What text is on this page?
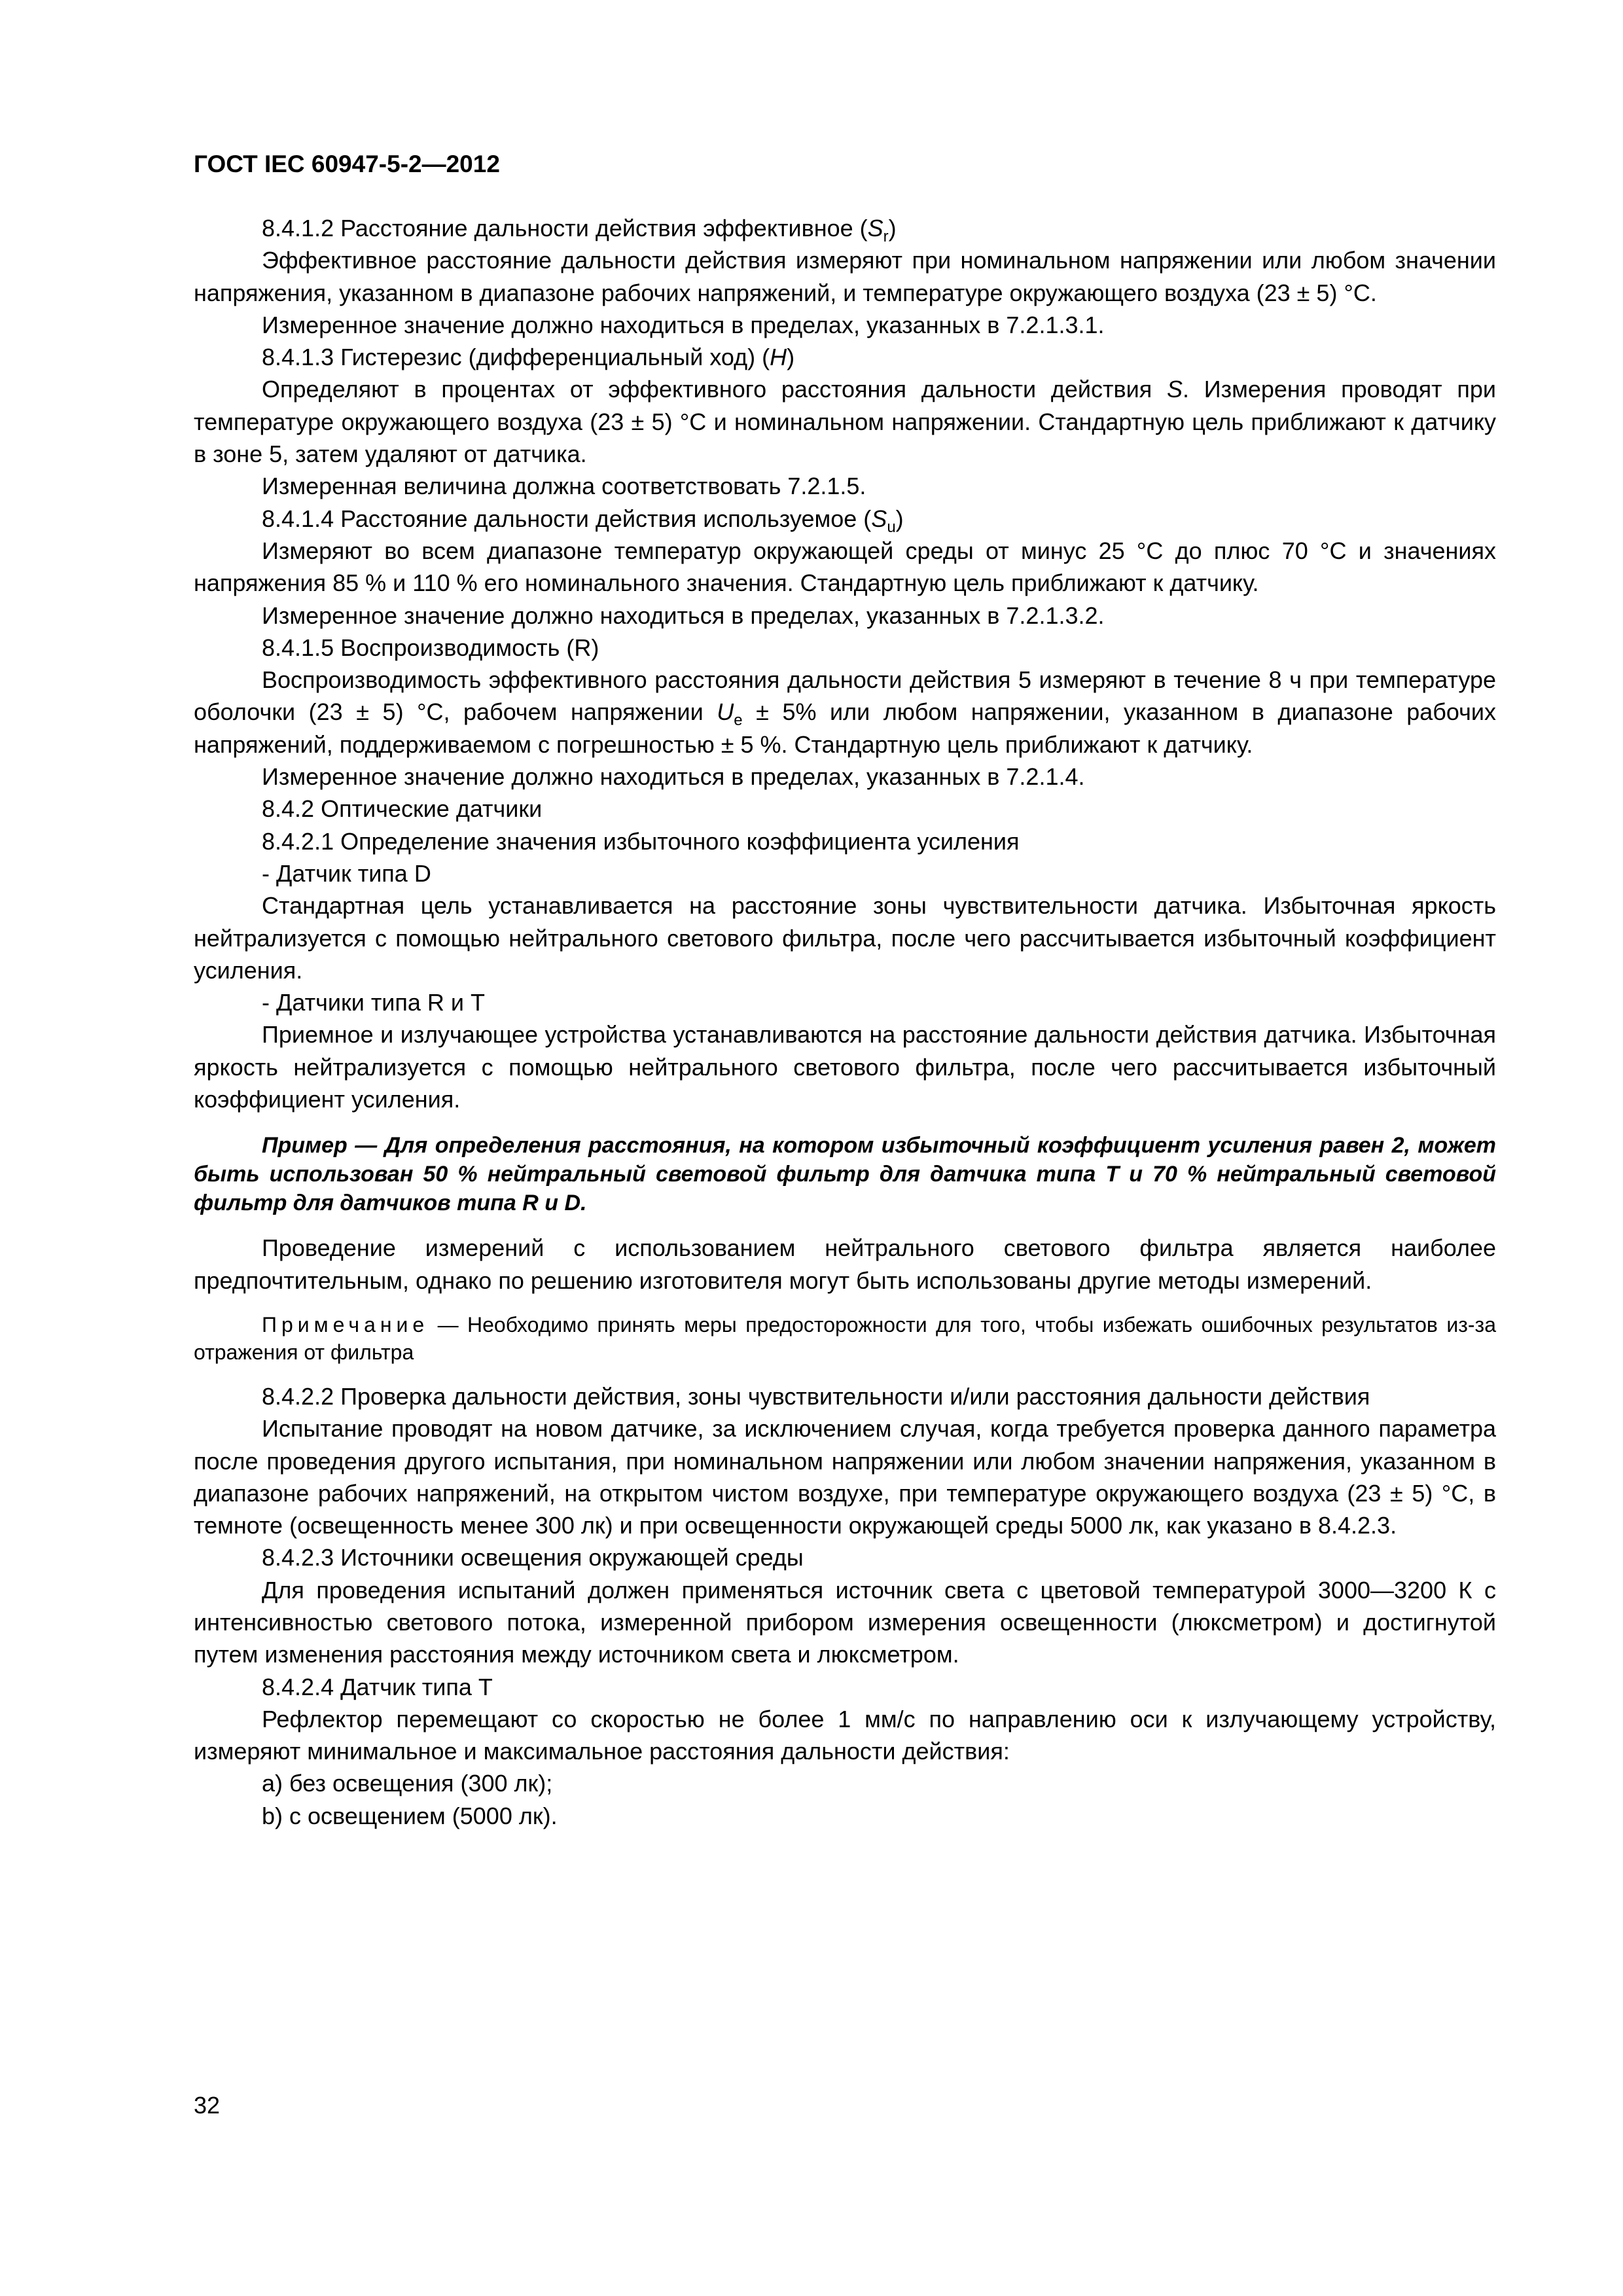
ГОСТ IEC 60947-5-2—2012

8.4.1.2 Расстояние дальности действия эффективное $(S_r)$

Эффективное расстояние дальности действия измеряют при номинальном напряжении или любом значении напряжения, указанном в диапазоне рабочих напряжений, и температуре окружающего воздуха (23 ± 5) °С.

Измеренное значение должно находиться в пределах, указанных в 7.2.1.3.1.

8.4.1.3 Гистерезис (дифференциальный ход) (H)

Определяют в процентах от эффективного расстояния дальности действия S. Измерения проводят при температуре окружающего воздуха (23 ± 5) °С и номинальном напряжении. Стандартную цель приближают к датчику в зоне 5, затем удаляют от датчика.

Измеренная величина должна соответствовать 7.2.1.5.

8.4.1.4 Расстояние дальности действия используемое $(S_u)$

Измеряют во всем диапазоне температур окружающей среды от минус 25 °С до плюс 70 °С и значениях напряжения 85 % и 110 % его номинального значения. Стандартную цель приближают к датчику.

Измеренное значение должно находиться в пределах, указанных в 7.2.1.3.2.

8.4.1.5 Воспроизводимость (R)

Воспроизводимость эффективного расстояния дальности действия 5 измеряют в течение 8 ч при температуре оболочки (23 ± 5) °С, рабочем напряжении $U_e \pm 5\%$ или любом напряжении, указанном в диапазоне рабочих напряжений, поддерживаемом с погрешностью ± 5 %. Стандартную цель приближают к датчику.

Измеренное значение должно находиться в пределах, указанных в 7.2.1.4.

8.4.2 Оптические датчики

8.4.2.1 Определение значения избыточного коэффициента усиления

- Датчик типа D

Стандартная цель устанавливается на расстояние зоны чувствительности датчика. Избыточная яркость нейтрализуется с помощью нейтрального светового фильтра, после чего рассчитывается избыточный коэффициент усиления.

- Датчики типа R и T

Приемное и излучающее устройства устанавливаются на расстояние дальности действия датчика. Избыточная яркость нейтрализуется с помощью нейтрального светового фильтра, после чего рассчитывается избыточный коэффициент усиления.

Пример — Для определения расстояния, на котором избыточный коэффициент усиления равен 2, может быть использован 50 % нейтральный световой фильтр для датчика типа T и 70 % нейтральный световой фильтр для датчиков типа R и D.

Проведение измерений с использованием нейтрального светового фильтра является наиболее предпочтительным, однако по решению изготовителя могут быть использованы другие методы измерений.

Примечание — Необходимо принять меры предосторожности для того, чтобы избежать ошибочных результатов из-за отражения от фильтра

8.4.2.2 Проверка дальности действия, зоны чувствительности и/или расстояния дальности действия

Испытание проводят на новом датчике, за исключением случая, когда требуется проверка данного параметра после проведения другого испытания, при номинальном напряжении или любом значении напряжения, указанном в диапазоне рабочих напряжений, на открытом чистом воздухе, при температуре окружающего воздуха (23 ± 5) °С, в темноте (освещенность менее 300 лк) и при освещенности окружающей среды 5000 лк, как указано в 8.4.2.3.

8.4.2.3 Источники освещения окружающей среды

Для проведения испытаний должен применяться источник света с цветовой температурой 3000—3200 К с интенсивностью светового потока, измеренной прибором измерения освещенности (люксметром) и достигнутой путем изменения расстояния между источником света и люксметром.

8.4.2.4 Датчик типа T

Рефлектор перемещают со скоростью не более 1 мм/с по направлению оси к излучающему устройству, измеряют минимальное и максимальное расстояния дальности действия:

a) без освещения (300 лк);

b) с освещением (5000 лк).

32
